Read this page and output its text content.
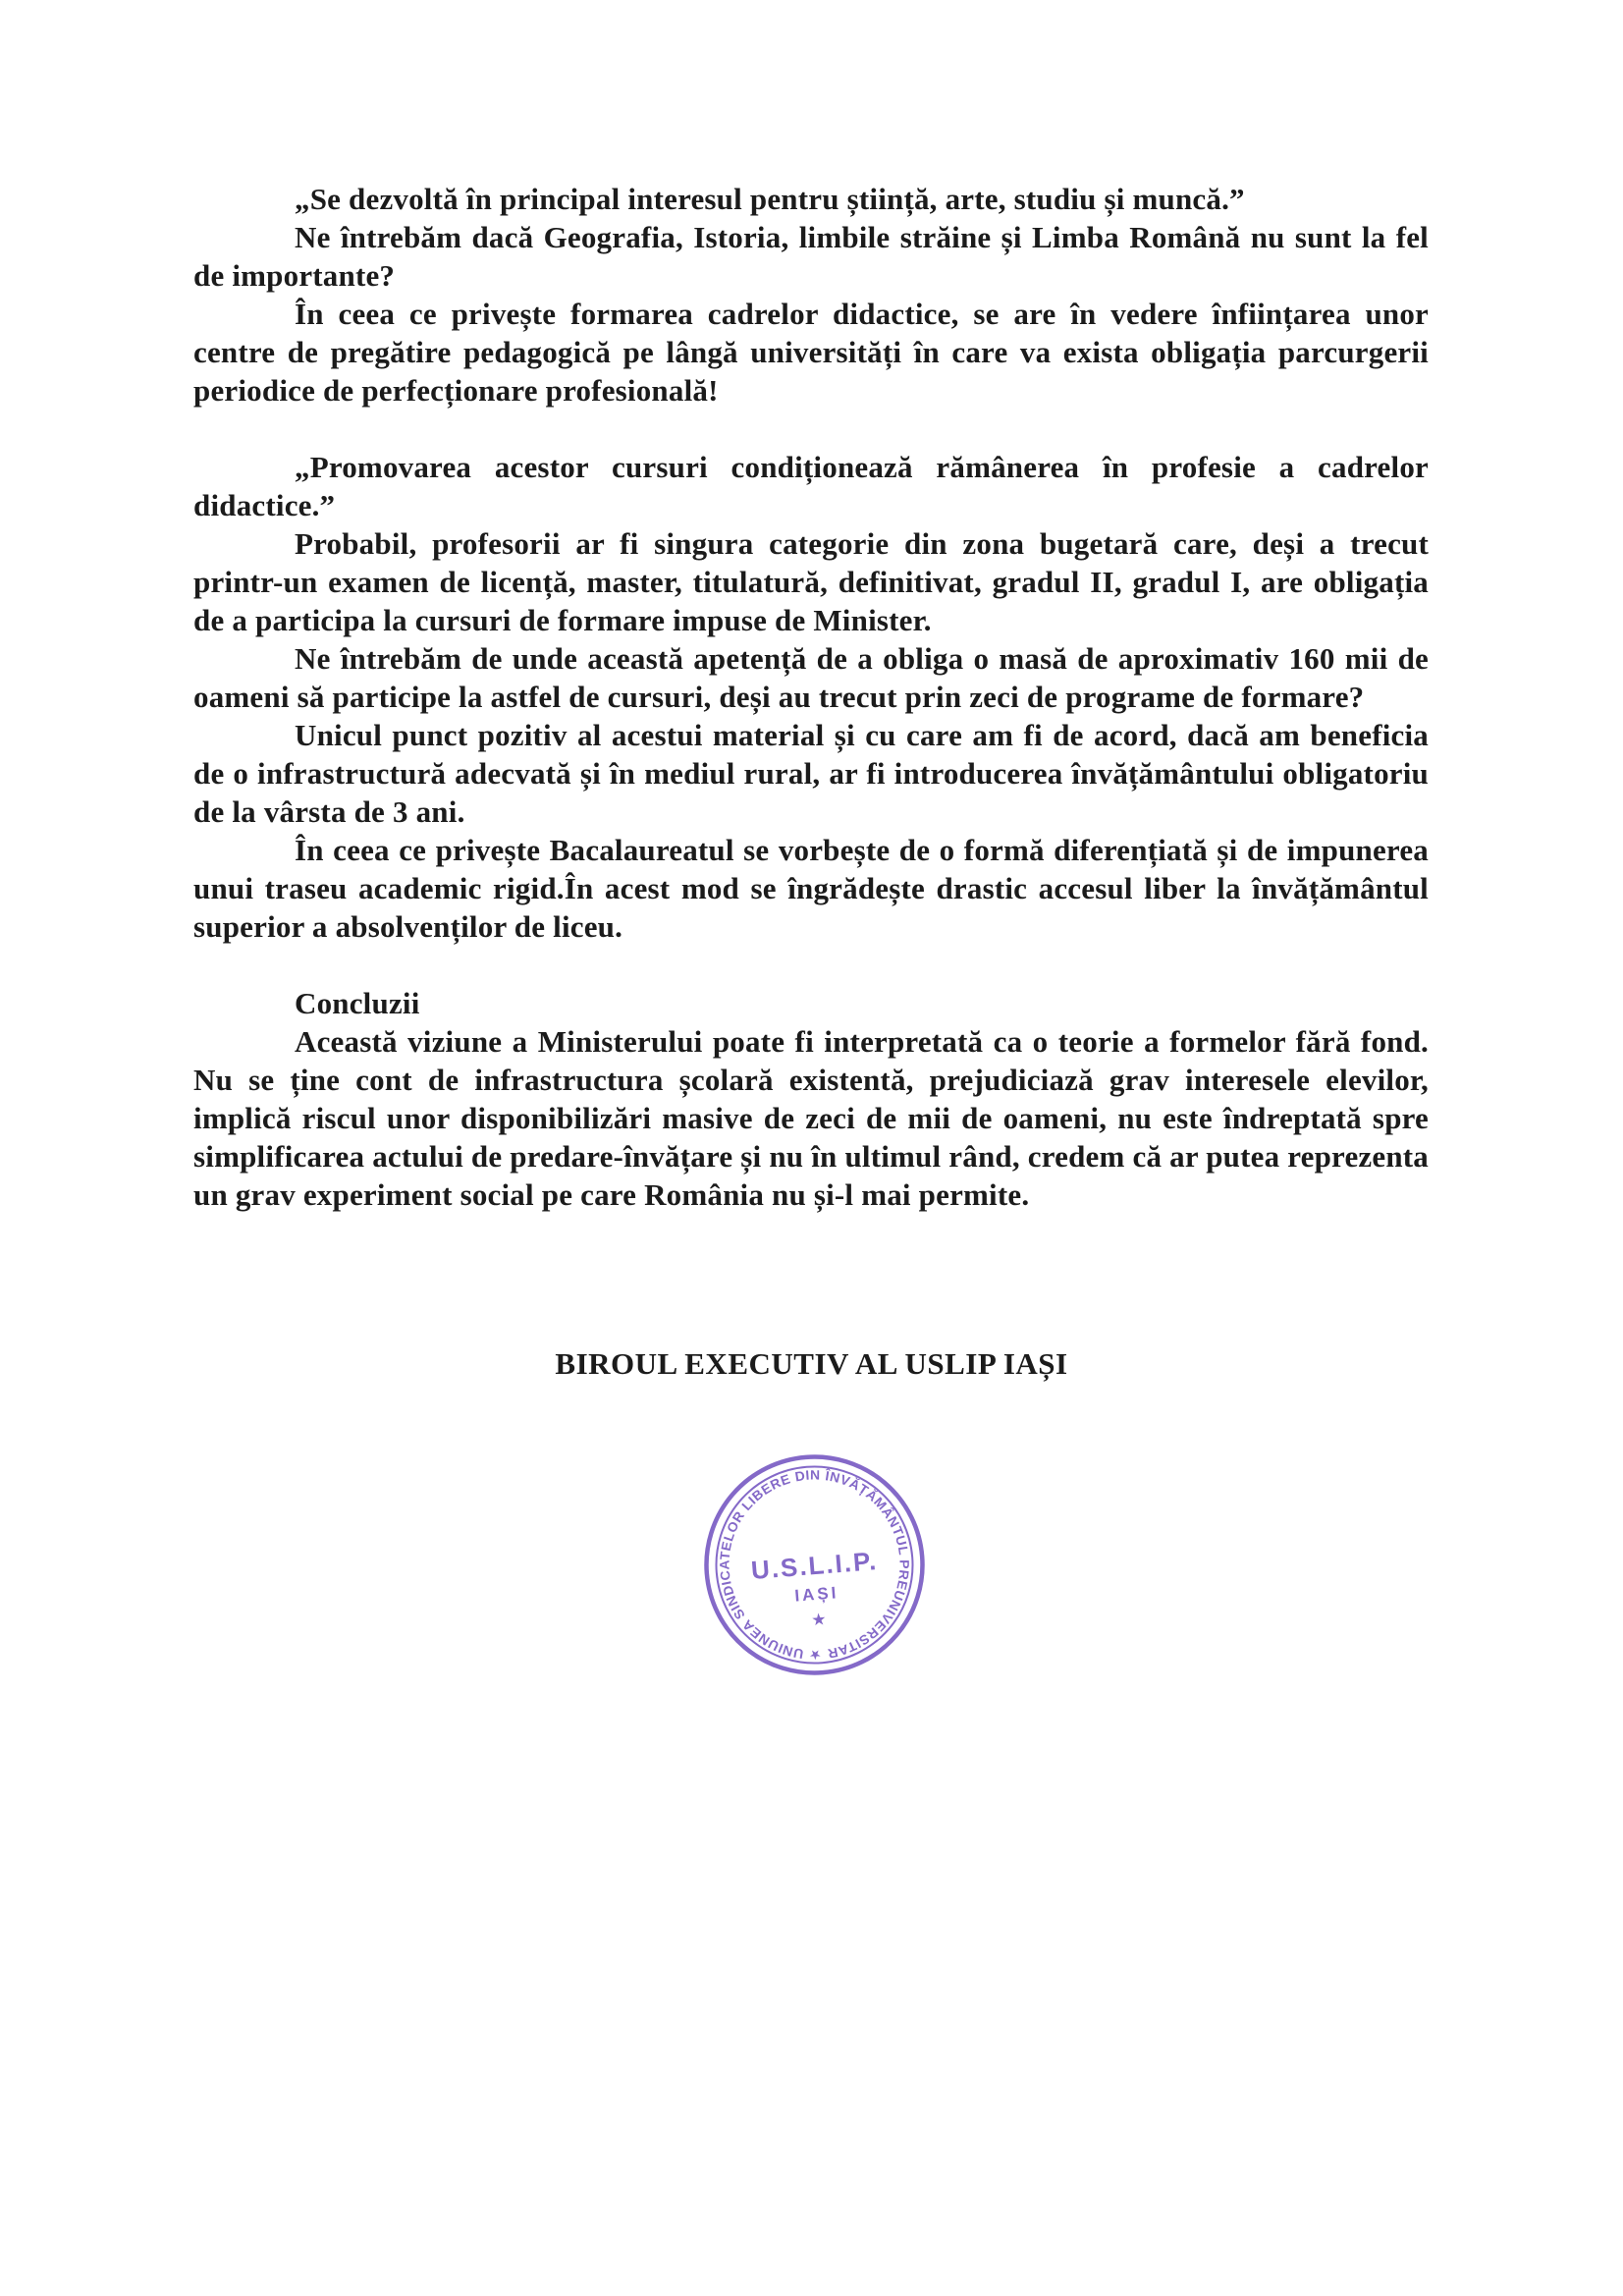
„Se dezvoltă în principal interesul pentru știință, arte, studiu și muncă.”

Ne întrebăm dacă Geografia, Istoria, limbile străine și Limba Română nu sunt la fel de importante?

În ceea ce privește formarea cadrelor didactice, se are în vedere înființarea unor centre de pregătire pedagogică pe lângă universități în care va exista obligația parcurgerii periodice de perfecționare profesională!

„Promovarea acestor cursuri condiționează rămânerea în profesie a cadrelor didactice.”

Probabil, profesorii ar fi singura categorie din zona bugetară care, deși a trecut printr-un examen de licență, master, titulatură, definitivat, gradul II, gradul I, are obligația de a participa la cursuri de formare impuse de Minister.

Ne întrebăm de unde această apetență de a obliga o masă de aproximativ 160 mii de oameni să participe la astfel de cursuri, deși au trecut prin zeci de programe de formare?

Unicul punct pozitiv al acestui material și cu care am fi de acord, dacă am beneficia de o infrastructură adecvată și în mediul rural, ar fi introducerea învățământului obligatoriu de la vârsta de 3 ani.

În ceea ce privește Bacalaureatul se vorbește de o formă diferențiată și de impunerea unui traseu academic rigid.În acest mod se îngrădește drastic accesul liber la învățământul superior a absolvenților de liceu.

Concluzii

Această viziune a Ministerului poate fi interpretată ca o teorie a formelor fără fond. Nu se ține cont de infrastructura școlară existentă, prejudiciază grav interesele elevilor, implică riscul unor disponibilizări masive de zeci de mii de oameni, nu este îndreptată spre simplificarea actului de predare-învățare și nu în ultimul rând, credem că ar putea reprezenta un grav experiment social pe care România nu și-l mai permite.

BIROUL EXECUTIV AL USLIP IAȘI
★ UNIUNEA SINDICATELOR LIBERE DIN ÎNVĂȚĂMÂNTUL PREUNIVERSITAR
U.S.L.I.P.
IAȘI
★
